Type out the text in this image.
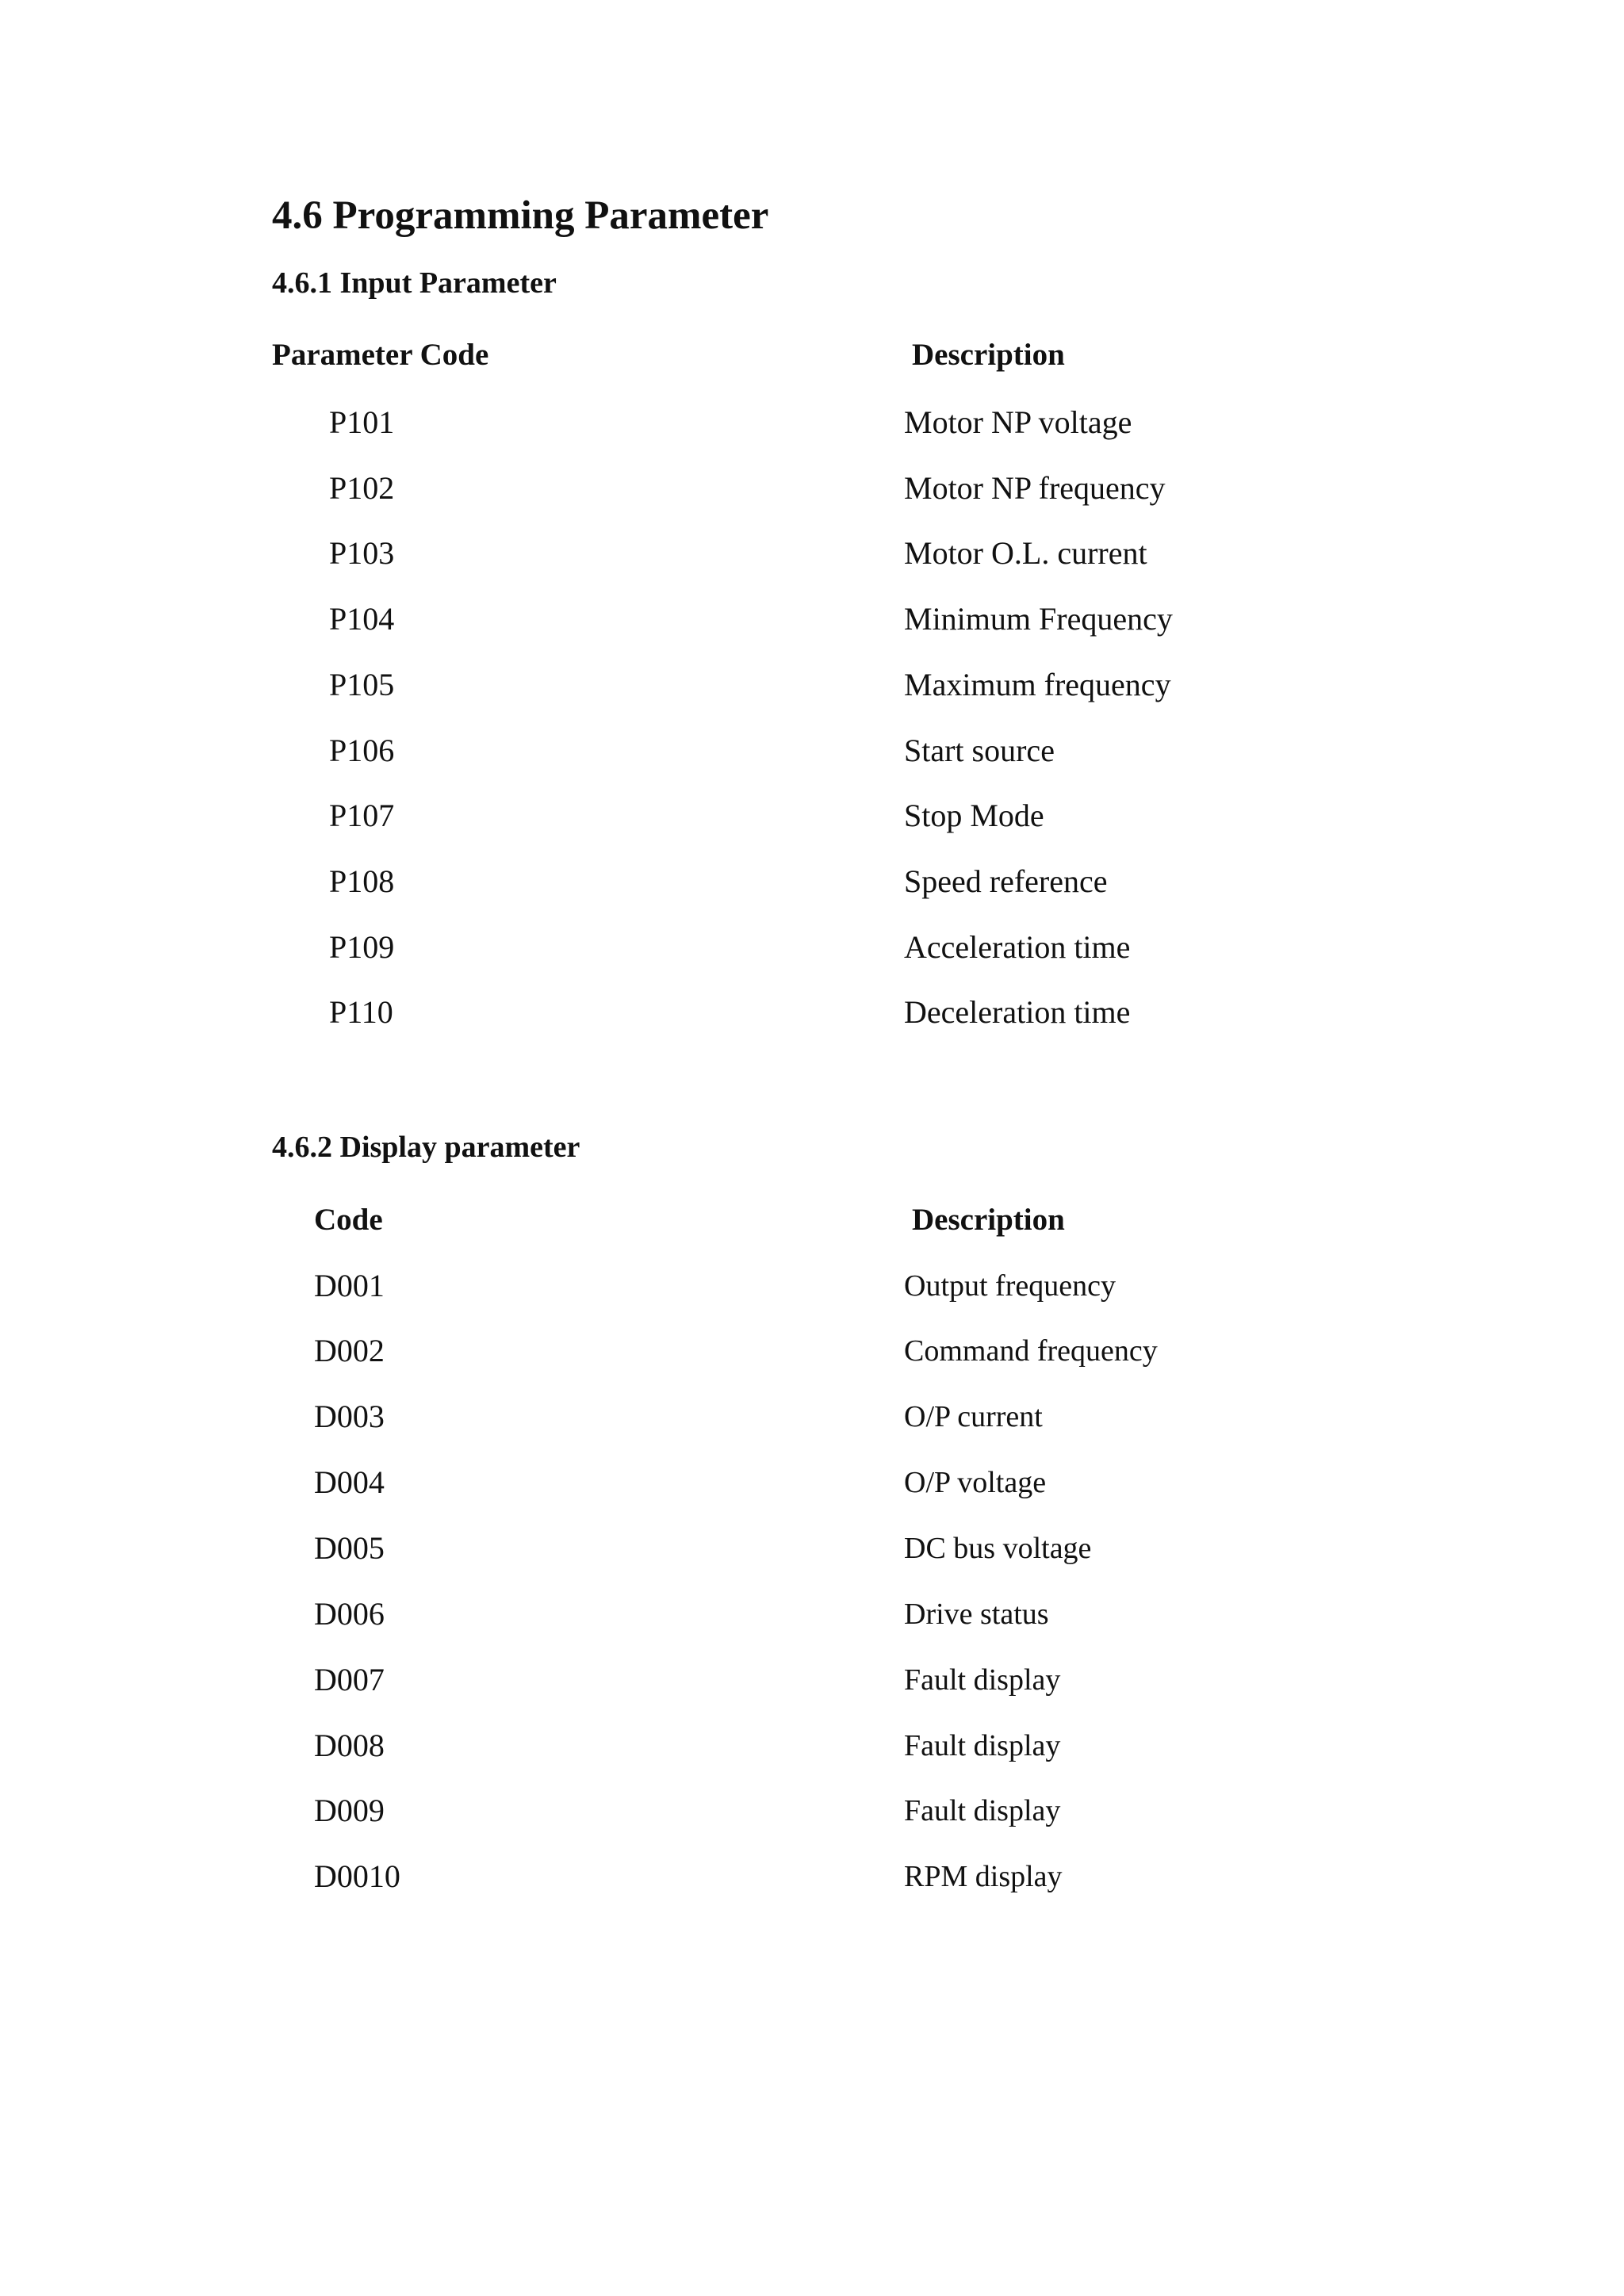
4.6 Programming Parameter
4.6.1 Input Parameter
Parameter Code	Description
P101	Motor NP voltage
P102	Motor NP frequency
P103	Motor O.L. current
P104	Minimum Frequency
P105	Maximum frequency
P106	Start source
P107	Stop Mode
P108	Speed reference
P109	Acceleration time
P110	Deceleration time
4.6.2 Display parameter
Code	Description
D001	Output frequency
D002	Command frequency
D003	O/P current
D004	O/P voltage
D005	DC bus voltage
D006	Drive status
D007	Fault display
D008	Fault display
D009	Fault display
D0010	RPM display
